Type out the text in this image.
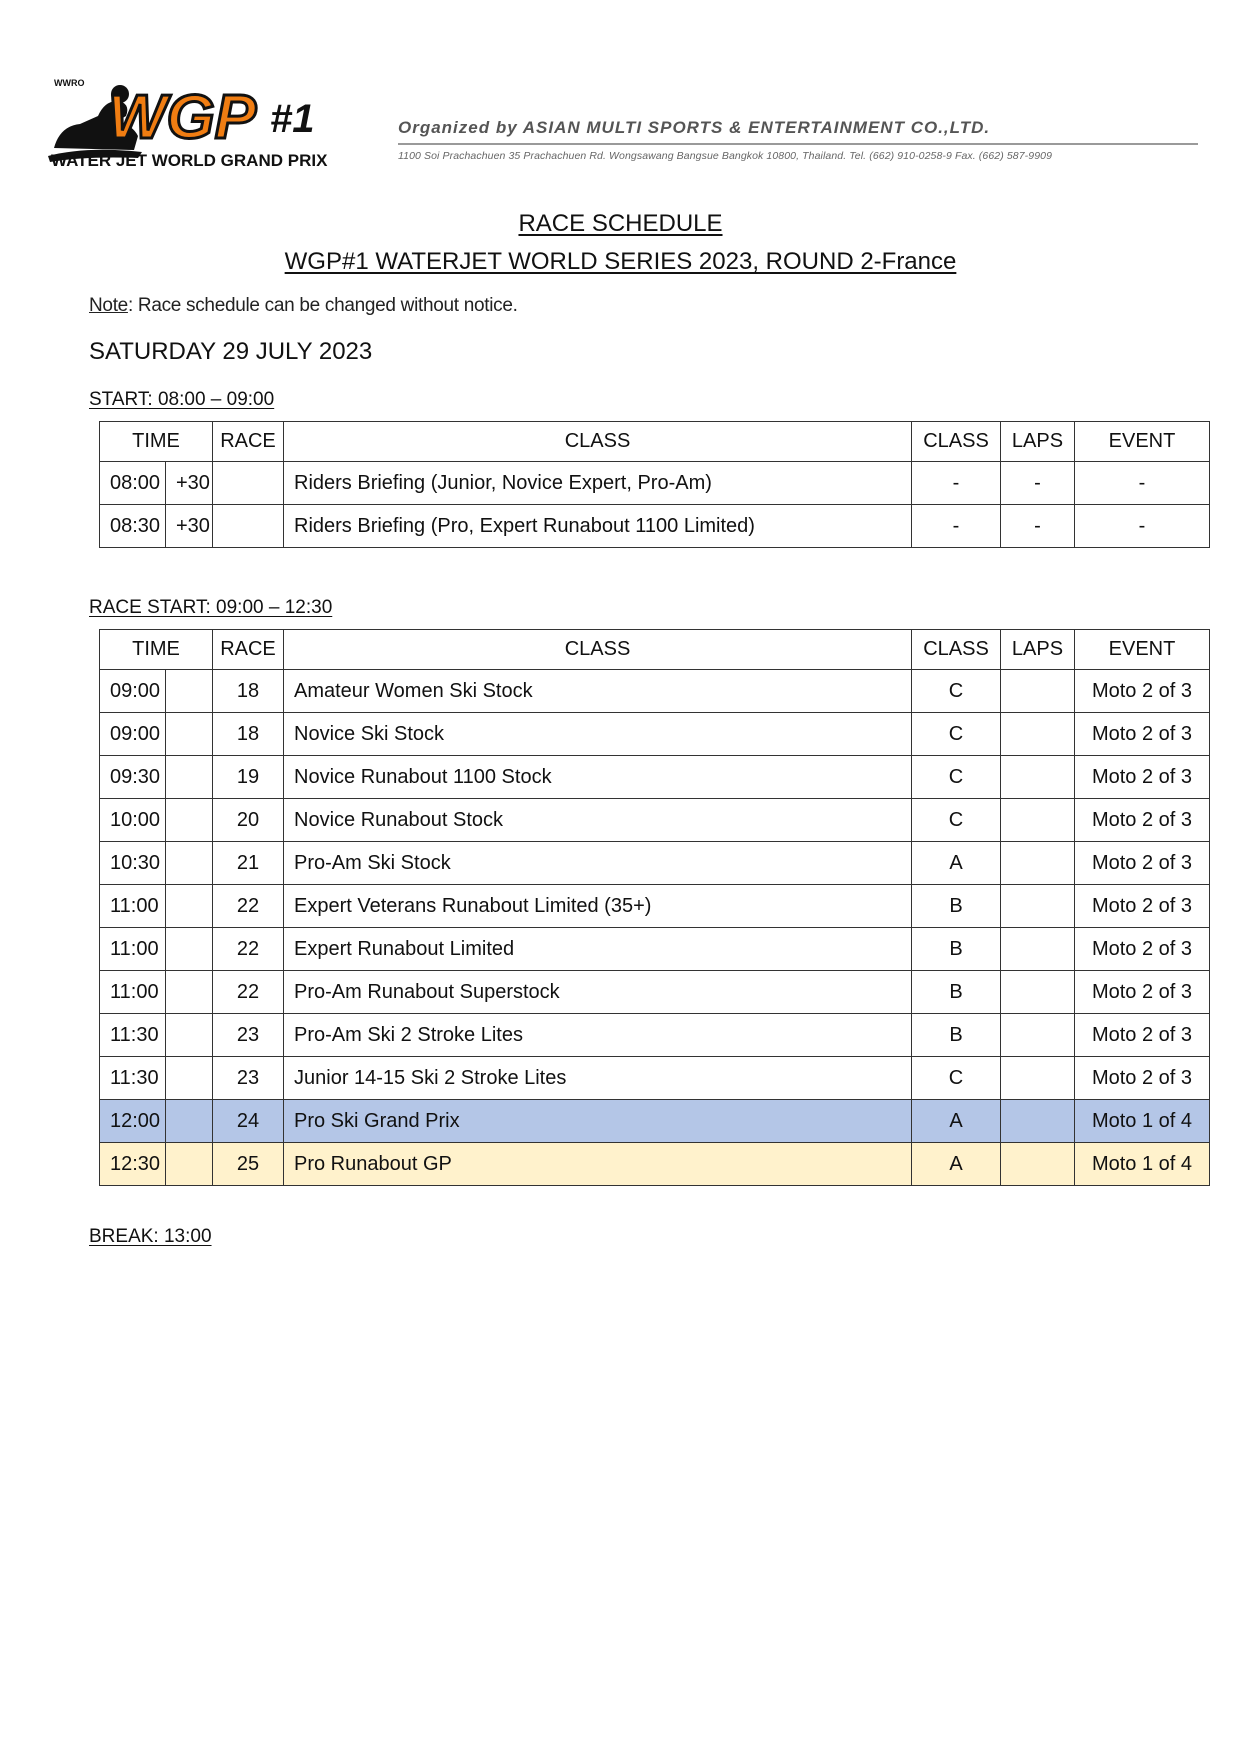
WGP #1
WWRO
WATER JET WORLD GRAND PRIX
Organized by ASIAN MULTI SPORTS & ENTERTAINMENT CO.,LTD.
1100 Soi Prachachuen 35 Prachachuen Rd. Wongsawang Bangsue Bangkok 10800, Thailand. Tel. (662) 910-0258-9 Fax. (662) 587-9909
RACE SCHEDULE
WGP#1 WATERJET WORLD SERIES 2023, ROUND 2-France
Note: Race schedule can be changed without notice.
SATURDAY 29 JULY 2023
START: 08:00 – 09:00
TIME		RACE	CLASS	CLASS	LAPS	EVENT
08:00	+30		Riders Briefing (Junior, Novice Expert, Pro-Am)	-	-	-
08:30	+30		Riders Briefing (Pro, Expert Runabout 1100 Limited)	-	-	-
RACE START: 09:00 – 12:30
TIME		RACE	CLASS	CLASS	LAPS	EVENT
09:00		18	Amateur Women Ski Stock	C		Moto 2 of 3
09:00		18	Novice Ski Stock	C		Moto 2 of 3
09:30		19	Novice Runabout 1100 Stock	C		Moto 2 of 3
10:00		20	Novice Runabout Stock	C		Moto 2 of 3
10:30		21	Pro-Am Ski Stock	A		Moto 2 of 3
11:00		22	Expert Veterans Runabout Limited (35+)	B		Moto 2 of 3
11:00		22	Expert Runabout Limited	B		Moto 2 of 3
11:00		22	Pro-Am Runabout Superstock	B		Moto 2 of 3
11:30		23	Pro-Am Ski 2 Stroke Lites	B		Moto 2 of 3
11:30		23	Junior 14-15 Ski 2 Stroke Lites	C		Moto 2 of 3
12:00		24	Pro Ski Grand Prix	A		Moto 1 of 4
12:30		25	Pro Runabout GP	A		Moto 1 of 4
BREAK: 13:00
